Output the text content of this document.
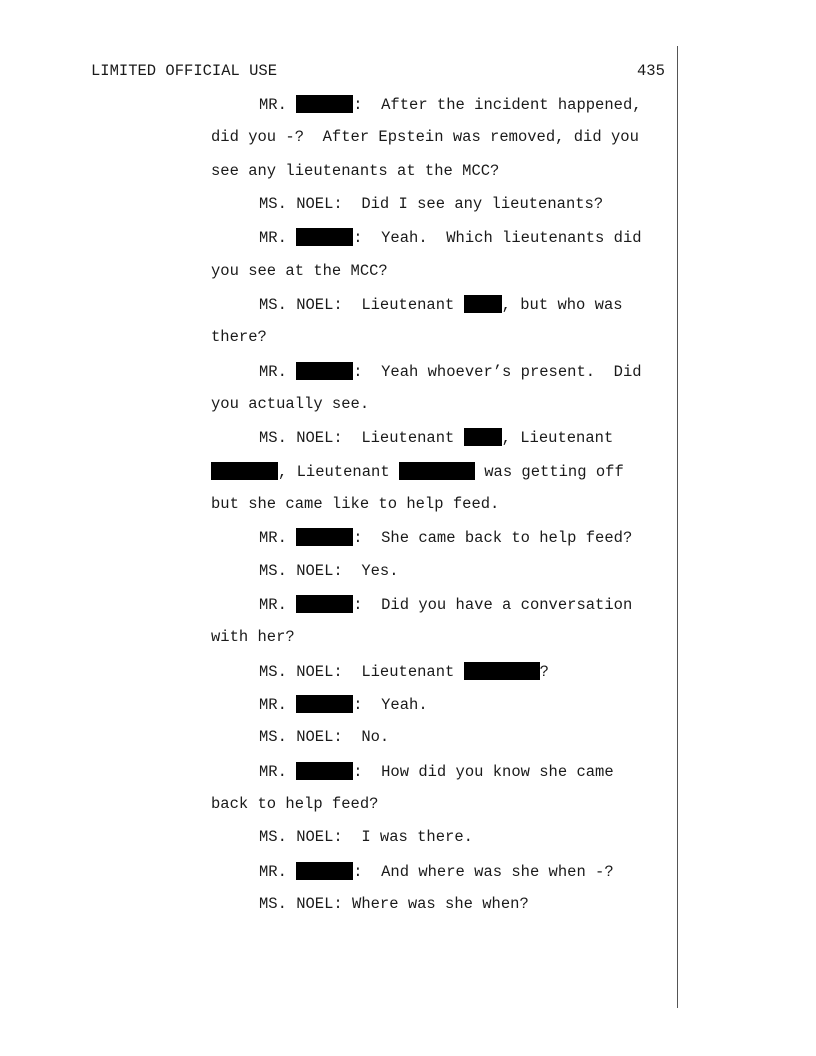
LIMITED OFFICIAL USE	435
MR.	:  After the incident happened,
did you -?  After Epstein was removed, did you
see any lieutenants at the MCC?
MS. NOEL:  Did I see any lieutenants?
MR.	:  Yeah.  Which lieutenants did
you see at the MCC?
MS. NOEL:  Lieutenant , but who was
there?
MR.	:  Yeah whoever’s present.  Did
you actually see.
MS. NOEL:  Lieutenant , Lieutenant
, Lieutenant	was getting off
but she came like to help feed.
MR.	:  She came back to help feed?
MS. NOEL:  Yes.
MR.	:  Did you have a conversation
with her?
MS. NOEL:  Lieutenant	?
MR.	:  Yeah.
MS. NOEL:  No.
MR.	:  How did you know she came
back to help feed?
MS. NOEL:  I was there.
MR.	:  And where was she when -?
MS. NOEL: Where was she when?
